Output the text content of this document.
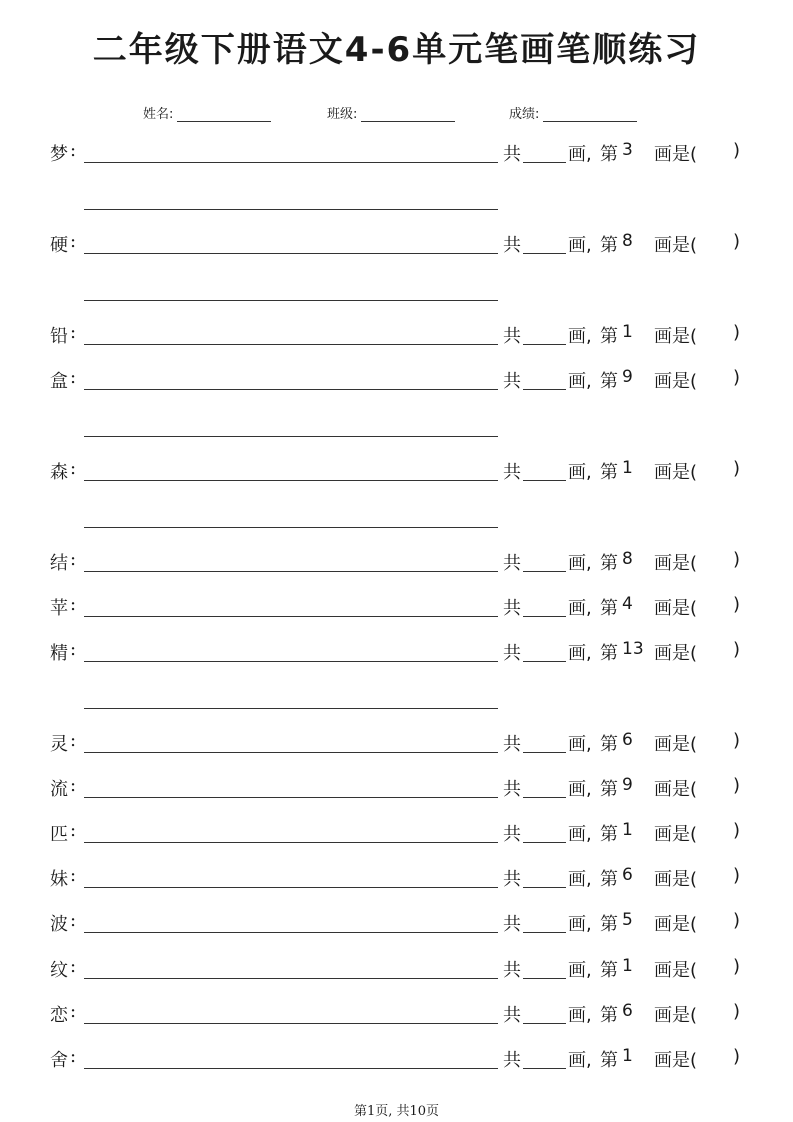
二年级下册语文4-6单元笔画笔顺练习
姓名:	班级:	成绩:
梦 :	共	画, 第 3 画是( )
硬 :	共	画, 第 8 画是( )
铅 :	共	画, 第 1 画是( )
盒 :	共	画, 第 9 画是( )
森 :	共	画, 第 1 画是( )
结 :	共	画, 第 8 画是( )
苹 :	共	画, 第 4 画是( )
精 :	共	画, 第 13 画是( )
灵 :	共	画, 第 6 画是( )
流 :	共	画, 第 9 画是( )
匹 :	共	画, 第 1 画是( )
妹 :	共	画, 第 6 画是( )
波 :	共	画, 第 5 画是( )
纹 :	共	画, 第 1 画是( )
恋 :	共	画, 第 6 画是( )
舍 :	共	画, 第 1 画是( )
第1页, 共10页
